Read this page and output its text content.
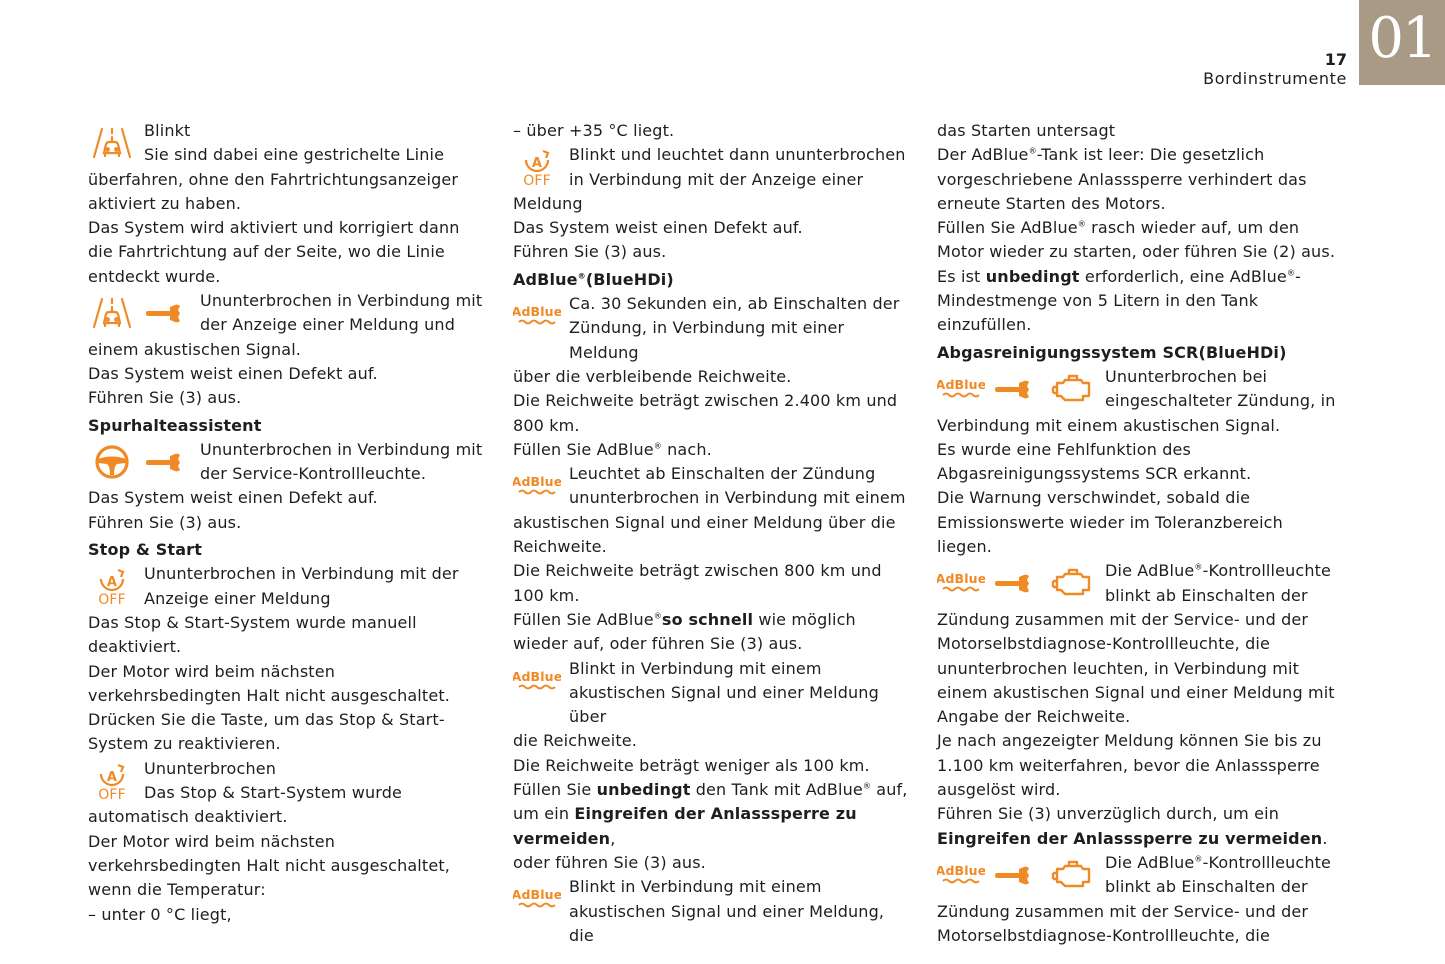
01
17
Bordinstrumente

Blinkt

Sie sind dabei eine gestrichelte Linie

überfahren, ohne den Fahrtrichtungsanzeiger aktiviert zu haben.

Das System wird aktiviert und korrigiert dann die Fahrtrichtung auf der Seite, wo die Linie entdeckt wurde.

Ununterbrochen in Verbindung mit

der Anzeige einer Meldung und

einem akustischen Signal.

Das System weist einen Defekt auf.

Führen Sie (3) aus.

Spurhalteassistent

Ununterbrochen in Verbindung mit

der Service-Kontrollleuchte.

Das System weist einen Defekt auf.

Führen Sie (3) aus.

Stop & Start

Ununterbrochen in Verbindung mit der

Anzeige einer Meldung

Das Stop & Start-System wurde manuell deaktiviert.

Der Motor wird beim nächsten verkehrsbedingten Halt nicht ausgeschaltet.

Drücken Sie die Taste, um das Stop & Start-System zu reaktivieren.

Ununterbrochen

Das Stop & Start-System wurde

automatisch deaktiviert.

Der Motor wird beim nächsten verkehrsbedingten Halt nicht ausgeschaltet, wenn die Temperatur:

– unter 0 °C liegt,

– über +35 °C liegt.

Blinkt und leuchtet dann ununterbrochen

in Verbindung mit der Anzeige einer

Meldung

Das System weist einen Defekt auf.

Führen Sie (3) aus.

AdBlue®(BlueHDi)

Ca. 30 Sekunden ein, ab Einschalten der

Zündung, in Verbindung mit einer Meldung

über die verbleibende Reichweite.

Die Reichweite beträgt zwischen 2.400 km und 800 km.

Füllen Sie AdBlue® nach.

Leuchtet ab Einschalten der Zündung

ununterbrochen in Verbindung mit einem

akustischen Signal und einer Meldung über die Reichweite.

Die Reichweite beträgt zwischen 800 km und 100 km.

Füllen Sie AdBlue®so schnell wie möglich wieder auf, oder führen Sie (3) aus.

Blinkt in Verbindung mit einem

akustischen Signal und einer Meldung über

die Reichweite.

Die Reichweite beträgt weniger als 100 km.

Füllen Sie unbedingt den Tank mit AdBlue® auf,

um ein Eingreifen der Anlasssperre zu vermeiden,

oder führen Sie (3) aus.

Blinkt in Verbindung mit einem

akustischen Signal und einer Meldung, die

das Starten untersagt

Der AdBlue®-Tank ist leer: Die gesetzlich vorgeschriebene Anlasssperre verhindert das erneute Starten des Motors.

Füllen Sie AdBlue® rasch wieder auf, um den Motor wieder zu starten, oder führen Sie (2) aus.

Es ist unbedingt erforderlich, eine AdBlue®-Mindestmenge von 5 Litern in den Tank einzufüllen.

Abgasreinigungssystem SCR(BlueHDi)

Ununterbrochen bei

eingeschalteter Zündung, in

Verbindung mit einem akustischen Signal.

Es wurde eine Fehlfunktion des Abgasreinigungssystems SCR erkannt.

Die Warnung verschwindet, sobald die Emissionswerte wieder im Toleranzbereich liegen.

Die AdBlue®-Kontrollleuchte

blinkt ab Einschalten der

Zündung zusammen mit der Service- und der Motorselbstdiagnose-Kontrollleuchte, die ununterbrochen leuchten, in Verbindung mit einem akustischen Signal und einer Meldung mit Angabe der Reichweite.

Je nach angezeigter Meldung können Sie bis zu 1.100 km weiterfahren, bevor die Anlasssperre ausgelöst wird.

Führen Sie (3) unverzüglich durch, um ein

Eingreifen der Anlasssperre zu vermeiden.

Die AdBlue®-Kontrollleuchte

blinkt ab Einschalten der

Zündung zusammen mit der Service- und der Motorselbstdiagnose-Kontrollleuchte, die
